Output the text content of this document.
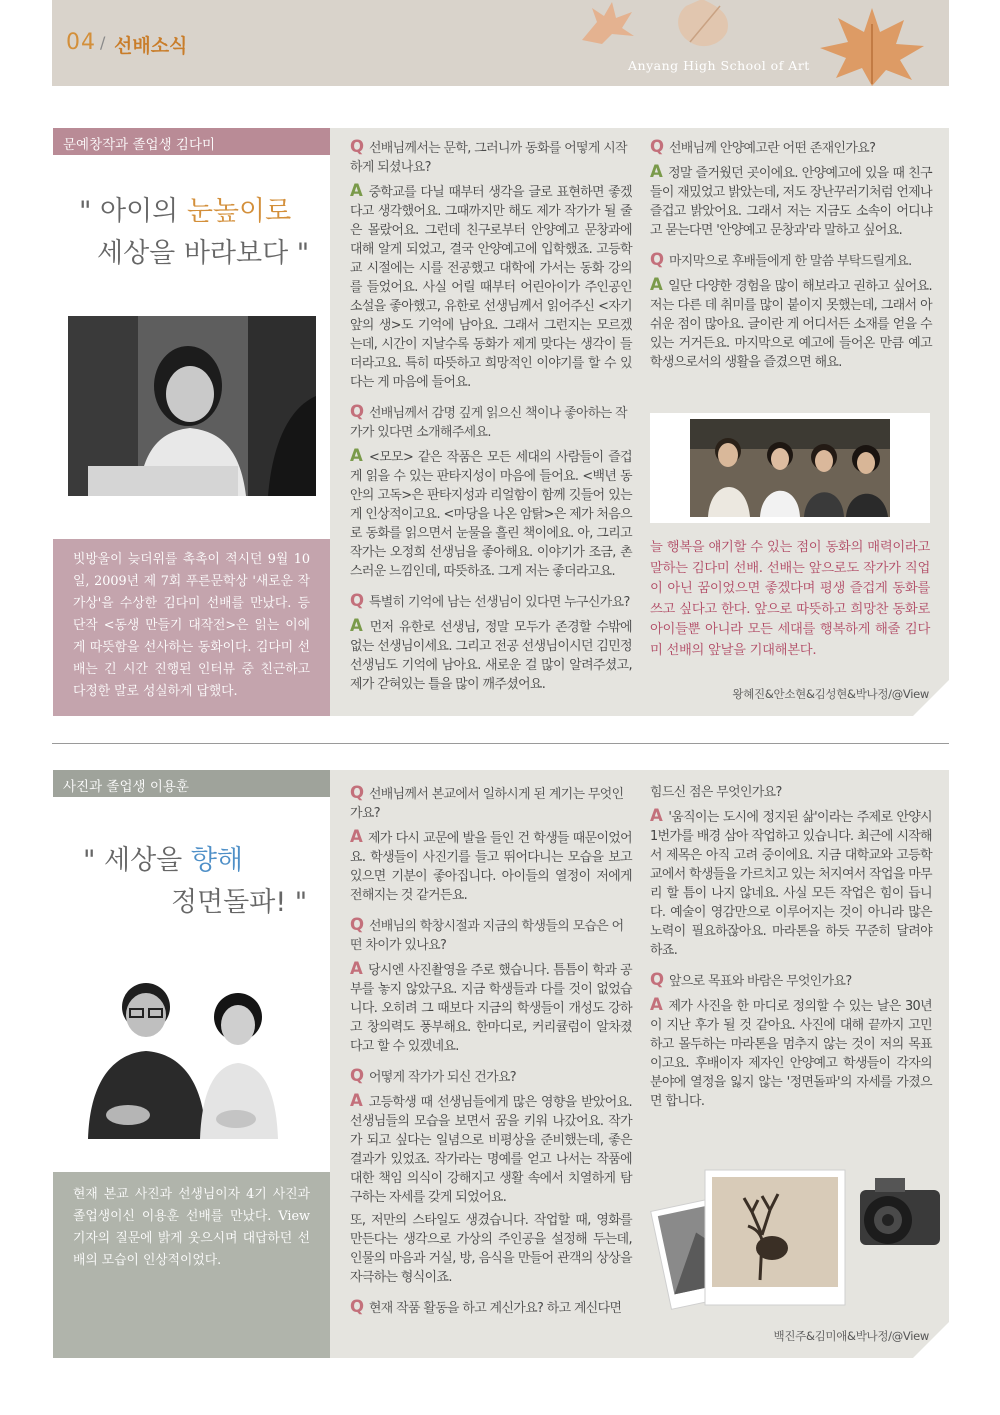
04 / 선배소식
Anyang High School of Art
문예창작과 졸업생 김다미
" 아이의 눈높이로
세상을 바라보다 "
빗방울이 늦더위를 촉촉이 적시던 9월 10일, 2009년 제 7회 푸른문학상 '새로운 작가상'을 수상한 김다미 선배를 만났다. 등단작 <동생 만들기 대작전>은 읽는 이에게 따뜻함을 선사하는 동화이다. 김다미 선배는 긴 시간 진행된 인터뷰 중 친근하고 다정한 말로 성실하게 답했다.
Q 선배님께서는 문학, 그러니까 동화를 어떻게 시작하게 되셨나요?
A 중학교를 다닐 때부터 생각을 글로 표현하면 좋겠다고 생각했어요. 그때까지만 해도 제가 작가가 될 줄은 몰랐어요. 그런데 친구로부터 안양예고 문창과에 대해 알게 되었고, 결국 안양예고에 입학했죠. 고등학교 시절에는 시를 전공했고 대학에 가서는 동화 강의를 들었어요. 사실 어릴 때부터 어린아이가 주인공인 소설을 좋아했고, 유한로 선생님께서 읽어주신 <자기 앞의 생>도 기억에 남아요. 그래서 그런지는 모르겠는데, 시간이 지날수록 동화가 제게 맞다는 생각이 들더라고요. 특히 따뜻하고 희망적인 이야기를 할 수 있다는 게 마음에 들어요.
Q 선배님께서 감명 깊게 읽으신 책이나 좋아하는 작가가 있다면 소개해주세요.
A <모모> 같은 작품은 모든 세대의 사람들이 즐겁게 읽을 수 있는 판타지성이 마음에 들어요. <백년 동안의 고독>은 판타지성과 리얼함이 함께 깃들어 있는 게 인상적이고요. <마당을 나온 암탉>은 제가 처음으로 동화를 읽으면서 눈물을 흘린 책이에요. 아, 그리고 작가는 오정희 선생님을 좋아해요. 이야기가 조금, 촌스러운 느낌인데, 따뜻하죠. 그게 저는 좋더라고요.
Q 특별히 기억에 남는 선생님이 있다면 누구신가요?
A 먼저 유한로 선생님, 정말 모두가 존경할 수밖에 없는 선생님이세요. 그리고 전공 선생님이시던 김민정 선생님도 기억에 남아요. 새로운 걸 많이 알려주셨고, 제가 갇혀있는 틀을 많이 깨주셨어요.
Q 선배님께 안양예고란 어떤 존재인가요?
A 정말 즐거웠던 곳이에요. 안양예고에 있을 때 친구들이 재밌었고 밝았는데, 저도 장난꾸러기처럼 언제나 즐겁고 밝았어요. 그래서 저는 지금도 소속이 어디냐고 묻는다면 '안양예고 문창과'라 말하고 싶어요.
Q 마지막으로 후배들에게 한 말씀 부탁드릴게요.
A 일단 다양한 경험을 많이 해보라고 권하고 싶어요. 저는 다른 데 취미를 많이 붙이지 못했는데, 그래서 아쉬운 점이 많아요. 글이란 게 어디서든 소재를 얻을 수 있는 거거든요. 마지막으로 예고에 들어온 만큼 예고학생으로서의 생활을 즐겼으면 해요.
늘 행복을 얘기할 수 있는 점이 동화의 매력이라고 말하는 김다미 선배. 선배는 앞으로도 작가가 직업이 아닌 꿈이었으면 좋겠다며 평생 즐겁게 동화를 쓰고 싶다고 한다. 앞으로 따뜻하고 희망찬 동화로 아이들뿐 아니라 모든 세대를 행복하게 해줄 김다미 선배의 앞날을 기대해본다.
왕혜진&안소현&김성현&박나정/@View
사진과 졸업생 이용훈
" 세상을 향해
정면돌파! "
현재 본교 사진과 선생님이자 4기 사진과 졸업생이신 이용훈 선배를 만났다. View 기자의 질문에 밝게 웃으시며 대답하던 선배의 모습이 인상적이었다.
Q 선배님께서 본교에서 일하시게 된 계기는 무엇인가요?
A 제가 다시 교문에 발을 들인 건 학생들 때문이었어요. 학생들이 사진기를 들고 뛰어다니는 모습을 보고 있으면 기분이 좋아집니다. 아이들의 열정이 저에게 전해지는 것 같거든요.
Q 선배님의 학창시절과 지금의 학생들의 모습은 어떤 차이가 있나요?
A 당시엔 사진촬영을 주로 했습니다. 틈틈이 학과 공부를 놓지 않았구요. 지금 학생들과 다를 것이 없었습니다. 오히려 그 때보다 지금의 학생들이 개성도 강하고 창의력도 풍부해요. 한마디로, 커리큘럼이 알차졌다고 할 수 있겠네요.
Q 어떻게 작가가 되신 건가요?
A 고등학생 때 선생님들에게 많은 영향을 받았어요. 선생님들의 모습을 보면서 꿈을 키워 나갔어요. 작가가 되고 싶다는 일념으로 비평상을 준비했는데, 좋은 결과가 있었죠. 작가라는 명예를 얻고 나서는 작품에 대한 책임 의식이 강해지고 생활 속에서 치열하게 탐구하는 자세를 갖게 되었어요.
또, 저만의 스타일도 생겼습니다. 작업할 때, 영화를 만든다는 생각으로 가상의 주인공을 설정해 두는데, 인물의 마음과 거실, 방, 음식을 만들어 관객의 상상을 자극하는 형식이죠.
Q 현재 작품 활동을 하고 계신가요? 하고 계신다면
힘드신 점은 무엇인가요?
A '움직이는 도시에 정지된 삶'이라는 주제로 안양시 1번가를 배경 삼아 작업하고 있습니다. 최근에 시작해서 제목은 아직 고려 중이에요. 지금 대학교와 고등학교에서 학생들을 가르치고 있는 처지여서 작업을 마무리 할 틈이 나지 않네요. 사실 모든 작업은 힘이 듭니다. 예술이 영감만으로 이루어지는 것이 아니라 많은 노력이 필요하잖아요. 마라톤을 하듯 꾸준히 달려야 하죠.
Q 앞으로 목표와 바람은 무엇인가요?
A 제가 사진을 한 마디로 정의할 수 있는 날은 30년이 지난 후가 될 것 같아요. 사진에 대해 끝까지 고민하고 몰두하는 마라톤을 멈추지 않는 것이 저의 목표이고요. 후배이자 제자인 안양예고 학생들이 각자의 분야에 열정을 잃지 않는 '정면돌파'의 자세를 가졌으면 합니다.
백진주&김미애&박나정/@View
